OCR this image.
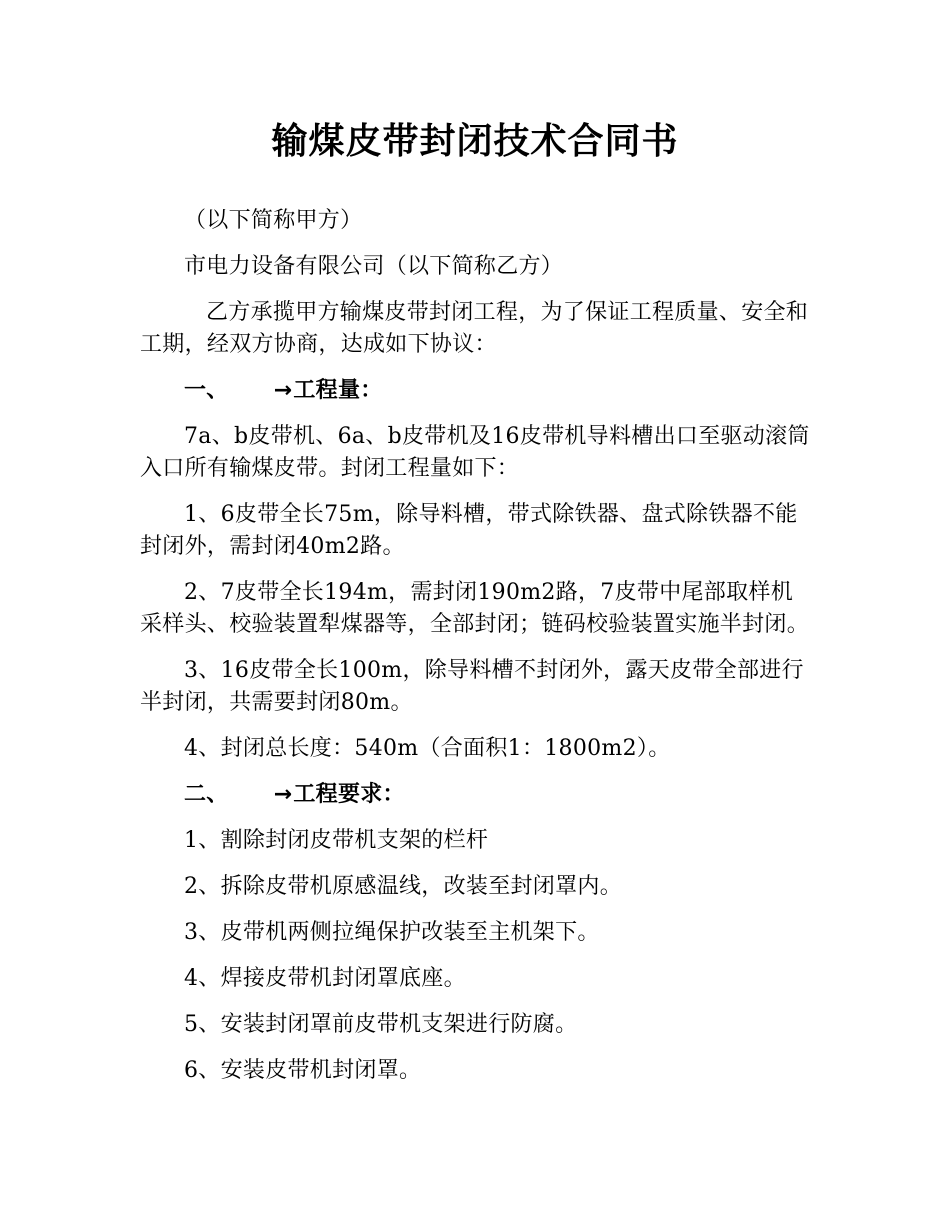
输煤皮带封闭技术合同书

（以下简称甲方）

市电力设备有限公司（以下简称乙方）

乙方承揽甲方输煤皮带封闭工程，为了保证工程质量、安全和工期，经双方协商，达成如下协议：

一、 →工程量：

7a、b皮带机、6a、b皮带机及16皮带机导料槽出口至驱动滚筒入口所有输煤皮带。封闭工程量如下：

1、6皮带全长75m，除导料槽，带式除铁器、盘式除铁器不能封闭外，需封闭40m2路。

2、7皮带全长194m，需封闭190m2路，7皮带中尾部取样机采样头、校验装置犁煤器等，全部封闭；链码校验装置实施半封闭。

3、16皮带全长100m，除导料槽不封闭外，露天皮带全部进行半封闭，共需要封闭80m。

4、封闭总长度：540m（合面积1：1800m2）。

二、 →工程要求：

1、割除封闭皮带机支架的栏杆

2、拆除皮带机原感温线，改装至封闭罩内。

3、皮带机两侧拉绳保护改装至主机架下。

4、焊接皮带机封闭罩底座。

5、安装封闭罩前皮带机支架进行防腐。

6、安装皮带机封闭罩。
